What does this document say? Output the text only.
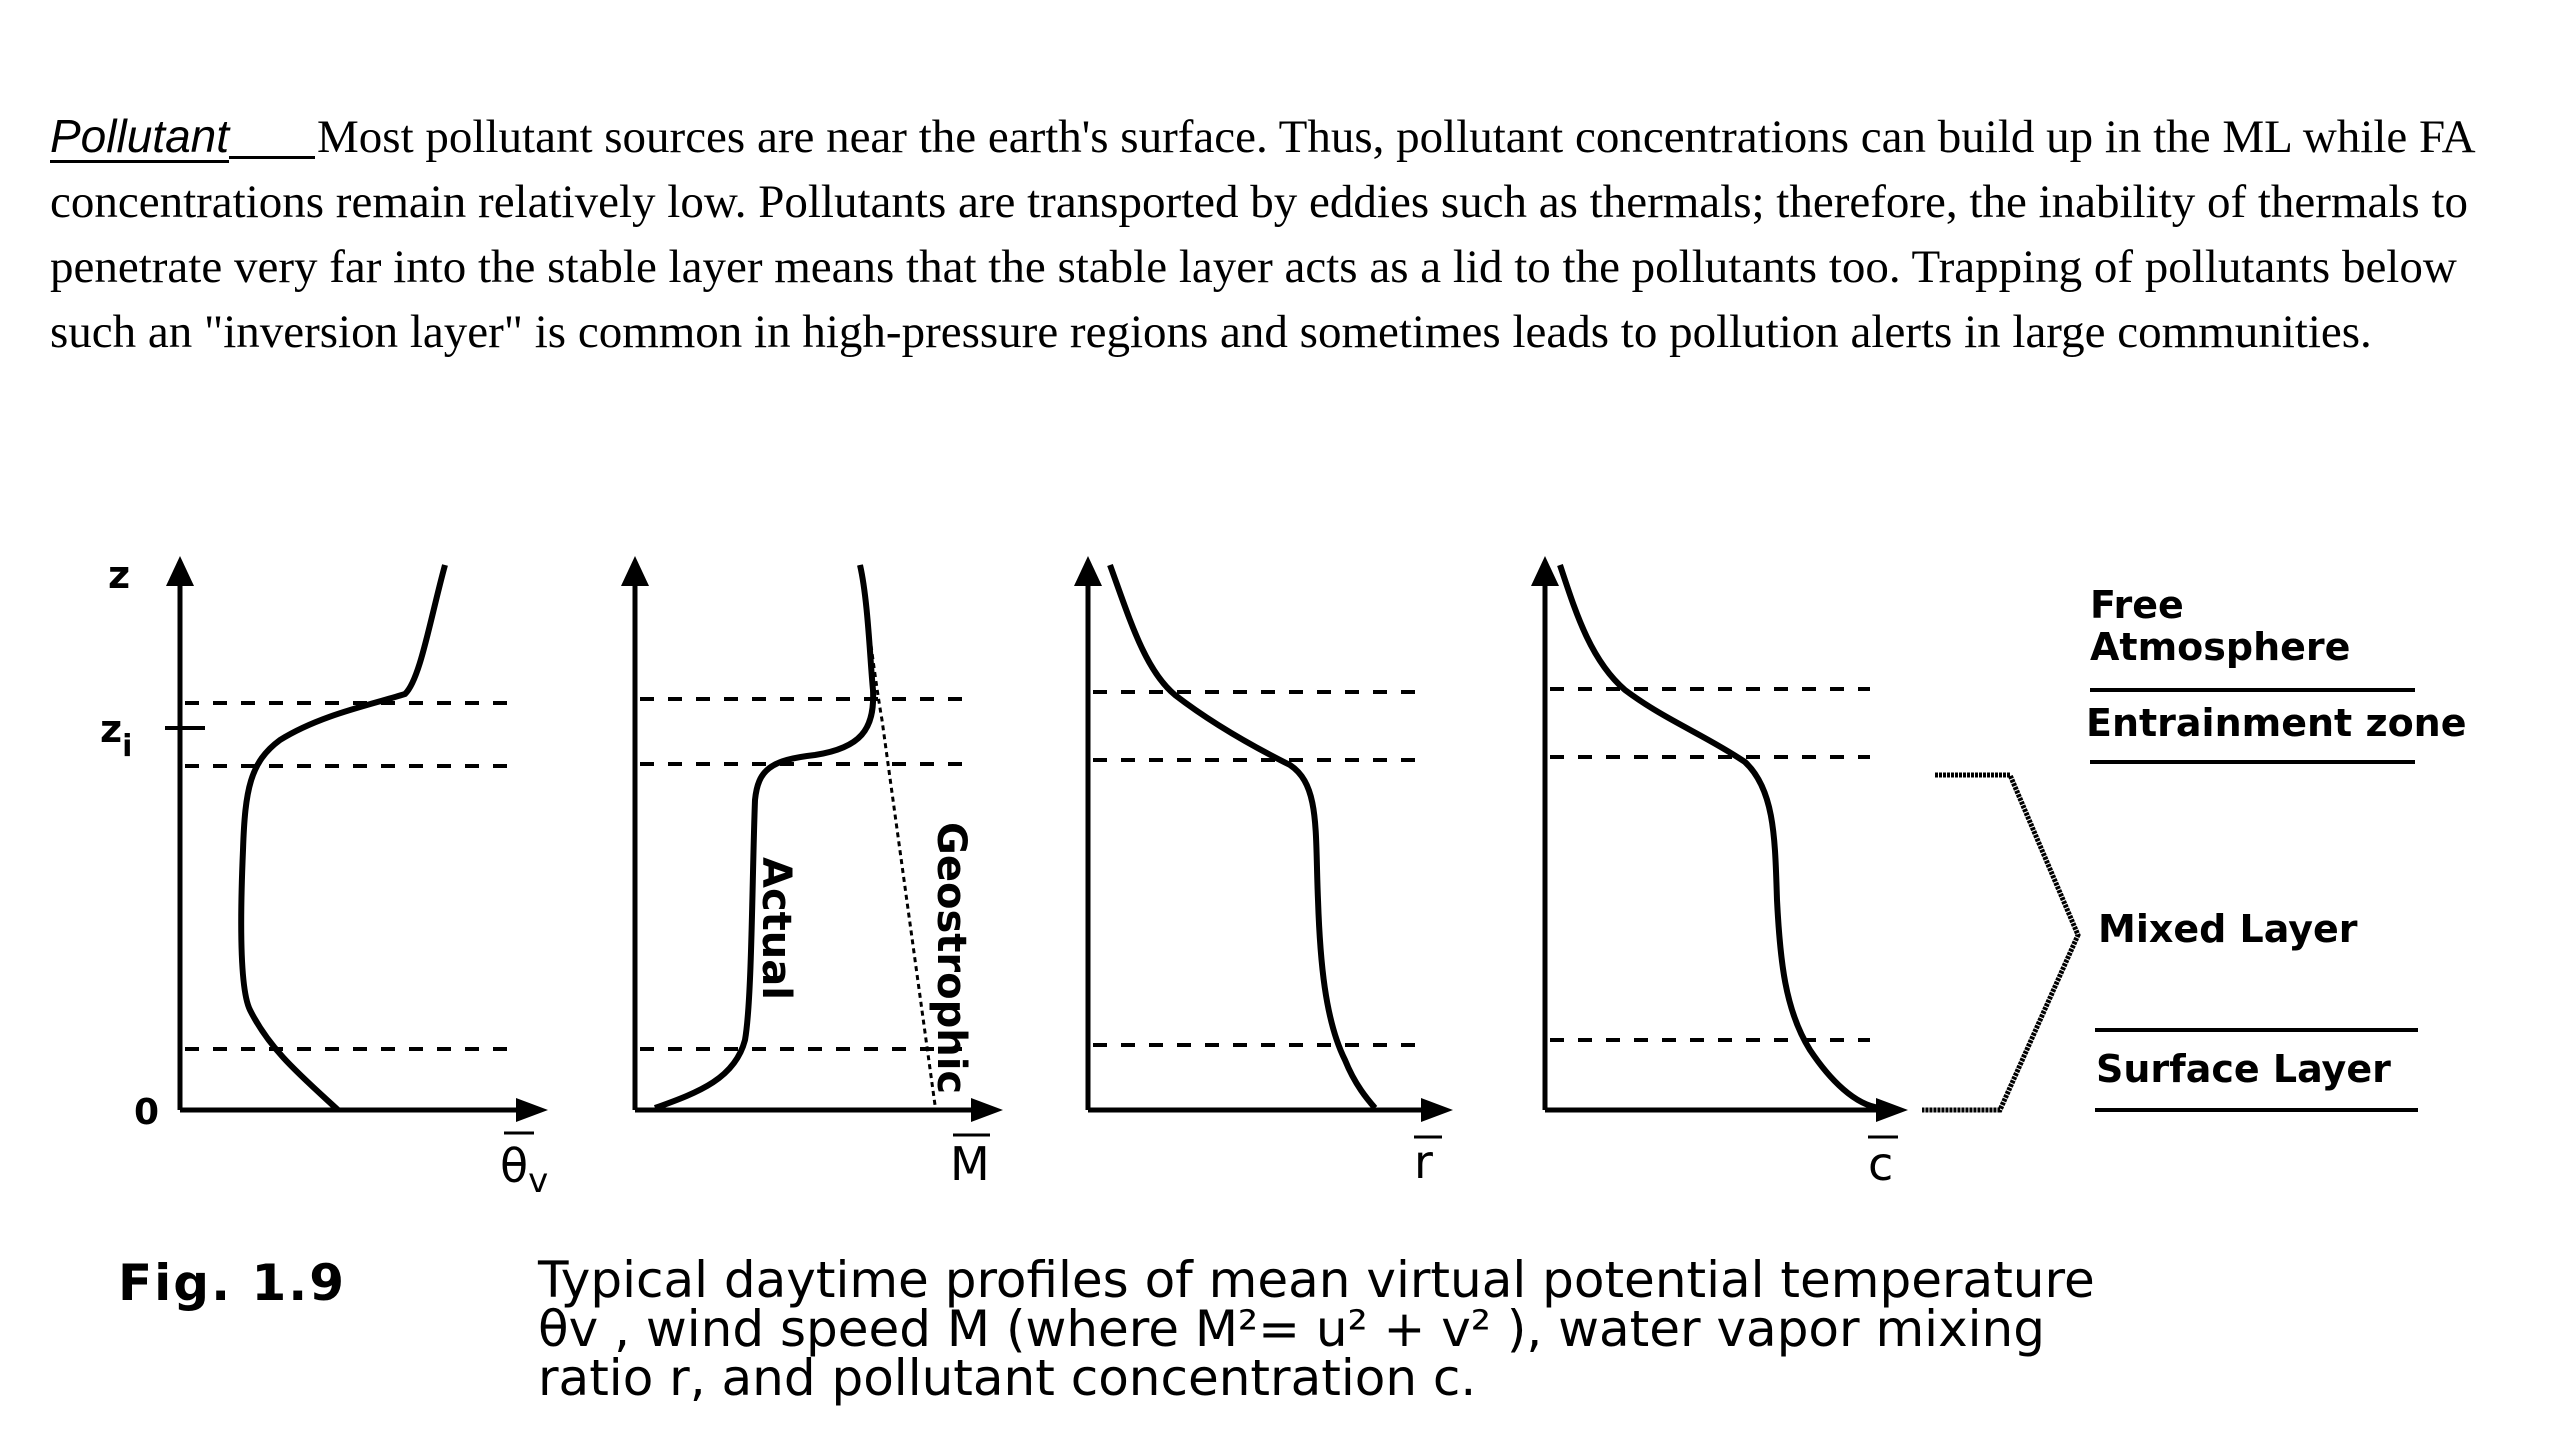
Pollutant Most pollutant sources are near the earth's surface. Thus, pollutant concentrations can build up in the ML while FA concentrations remain relatively low. Pollutants are transported by eddies such as thermals; therefore, the inability of thermals to penetrate very far into the stable layer means that the stable layer acts as a lid to the pollutants too. Trapping of pollutants below such an "inversion layer" is common in high-pressure regions and sometimes leads to pollution alerts in large communities.

z
$z_i$
0
$\theta_v$
Actual	Geostrophic
M	r	c
Free
Atmosphere
Entrainment zone
Mixed Layer
Surface Layer
Fig. 1.9	Typical daytime profiles of mean virtual potential temperature
θv , wind speed M (where M²= u² + v² ), water vapor mixing
ratio r, and pollutant concentration c.
